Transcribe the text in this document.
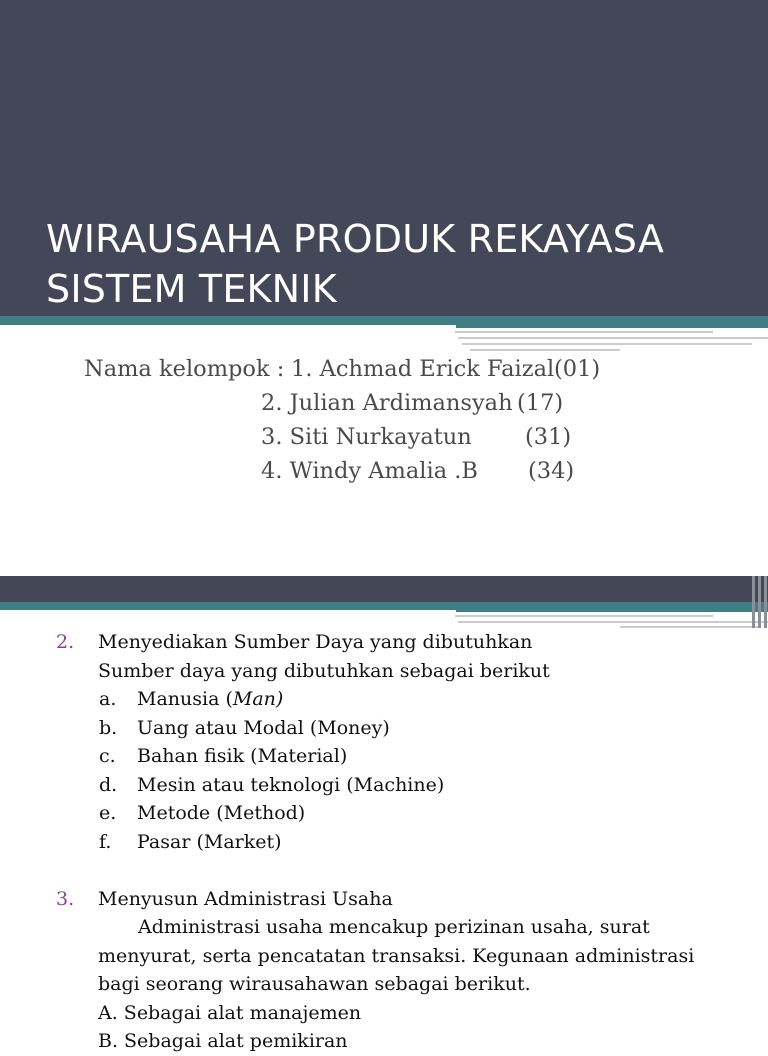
WIRAUSAHA PRODUK REKAYASA
SISTEM TEKNIK
Nama kelompok : 1. Achmad Erick Faizal (01)
2. Julian Ardimansyah (17)
3. Siti Nurkayatun (31)
4. Windy Amalia .B (34)
2. Menyediakan Sumber Daya yang dibutuhkan
Sumber daya yang dibutuhkan sebagai berikut
a. Manusia (Man)
b. Uang atau Modal (Money)
c. Bahan fisik (Material)
d. Mesin atau teknologi (Machine)
e. Metode (Method)
f. Pasar (Market)
3. Menyusun Administrasi Usaha
Administrasi usaha mencakup perizinan usaha, surat
menyurat, serta pencatatan transaksi. Kegunaan administrasi
bagi seorang wirausahawan sebagai berikut.
A. Sebagai alat manajemen
B. Sebagai alat pemikiran
